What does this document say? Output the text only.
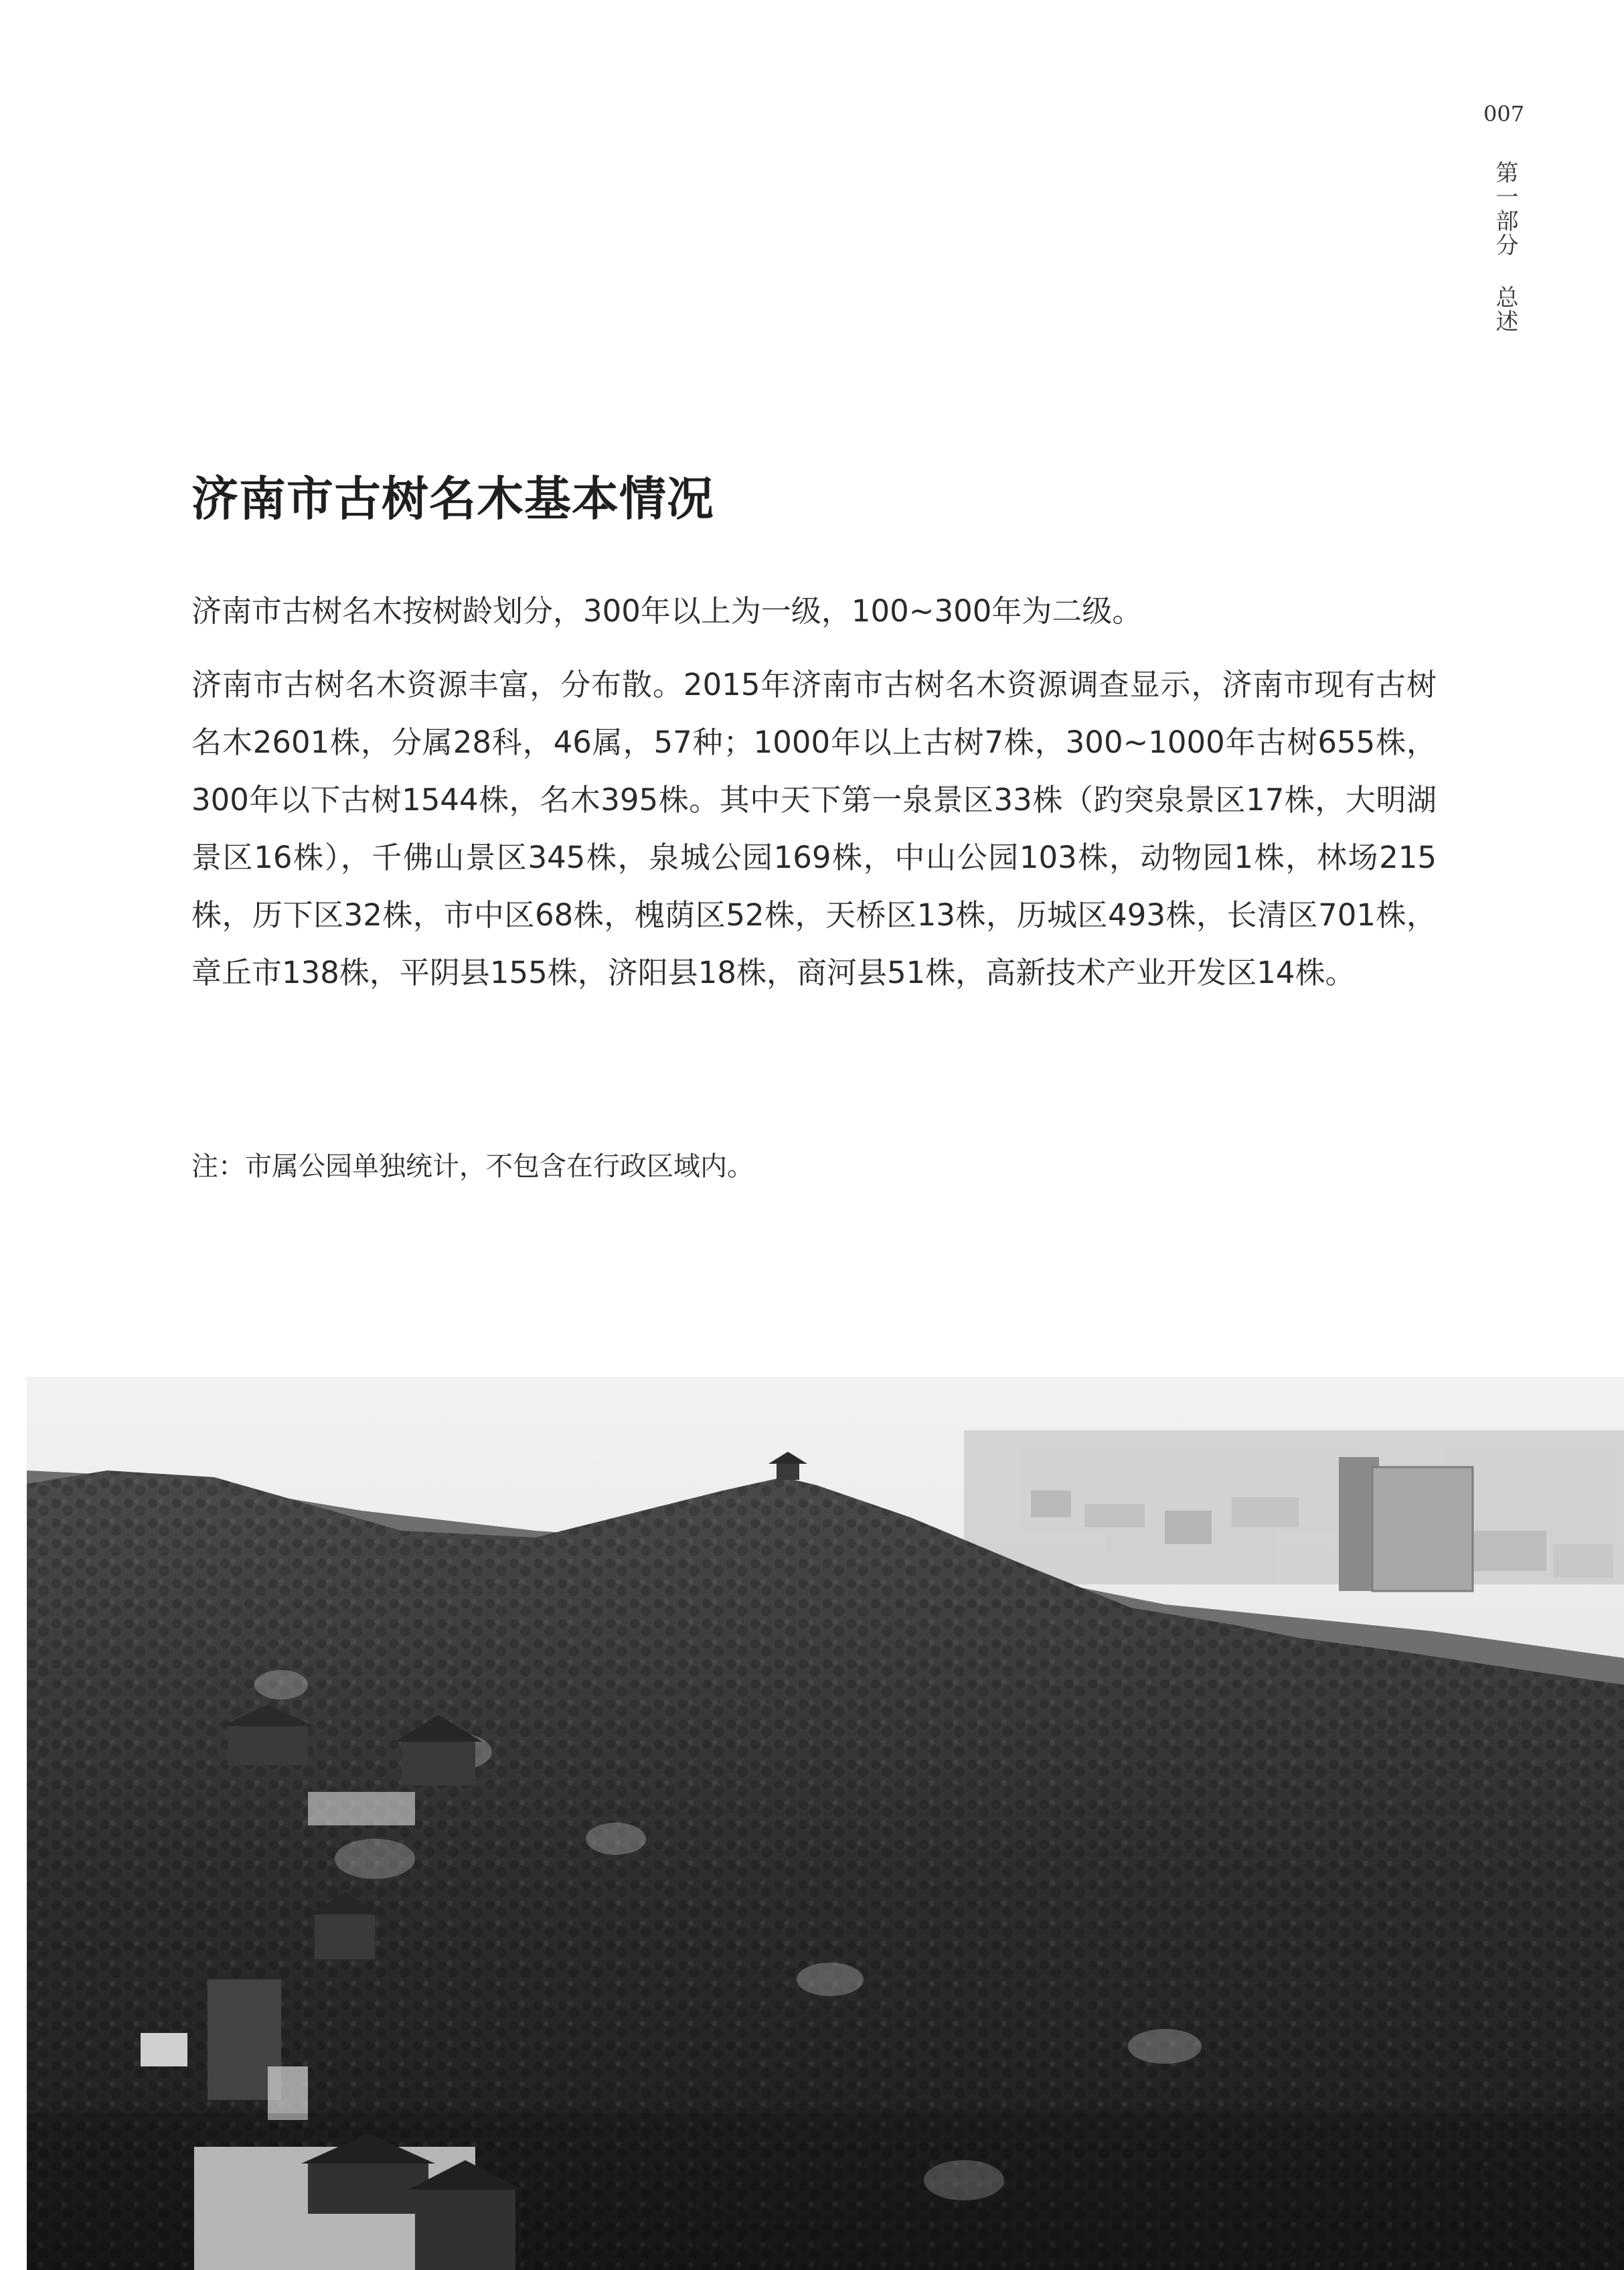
007
第一部分 总述
济南市古树名木基本情况

济南市古树名木按树龄划分，300年以上为一级，100~300年为二级。

济南市古树名木资源丰富，分布散。2015年济南市古树名木资源调查显示，济南市现有古树名木2601株，分属28科，46属，57种；1000年以上古树7株，300~1000年古树655株，300年以下古树1544株，名木395株。其中天下第一泉景区33株（趵突泉景区17株，大明湖景区16株），千佛山景区345株，泉城公园169株，中山公园103株，动物园1株，林场215株，历下区32株，市中区68株，槐荫区52株，天桥区13株，历城区493株，长清区701株，章丘市138株，平阴县155株，济阳县18株，商河县51株，高新技术产业开发区14株。

注：市属公园单独统计，不包含在行政区域内。
